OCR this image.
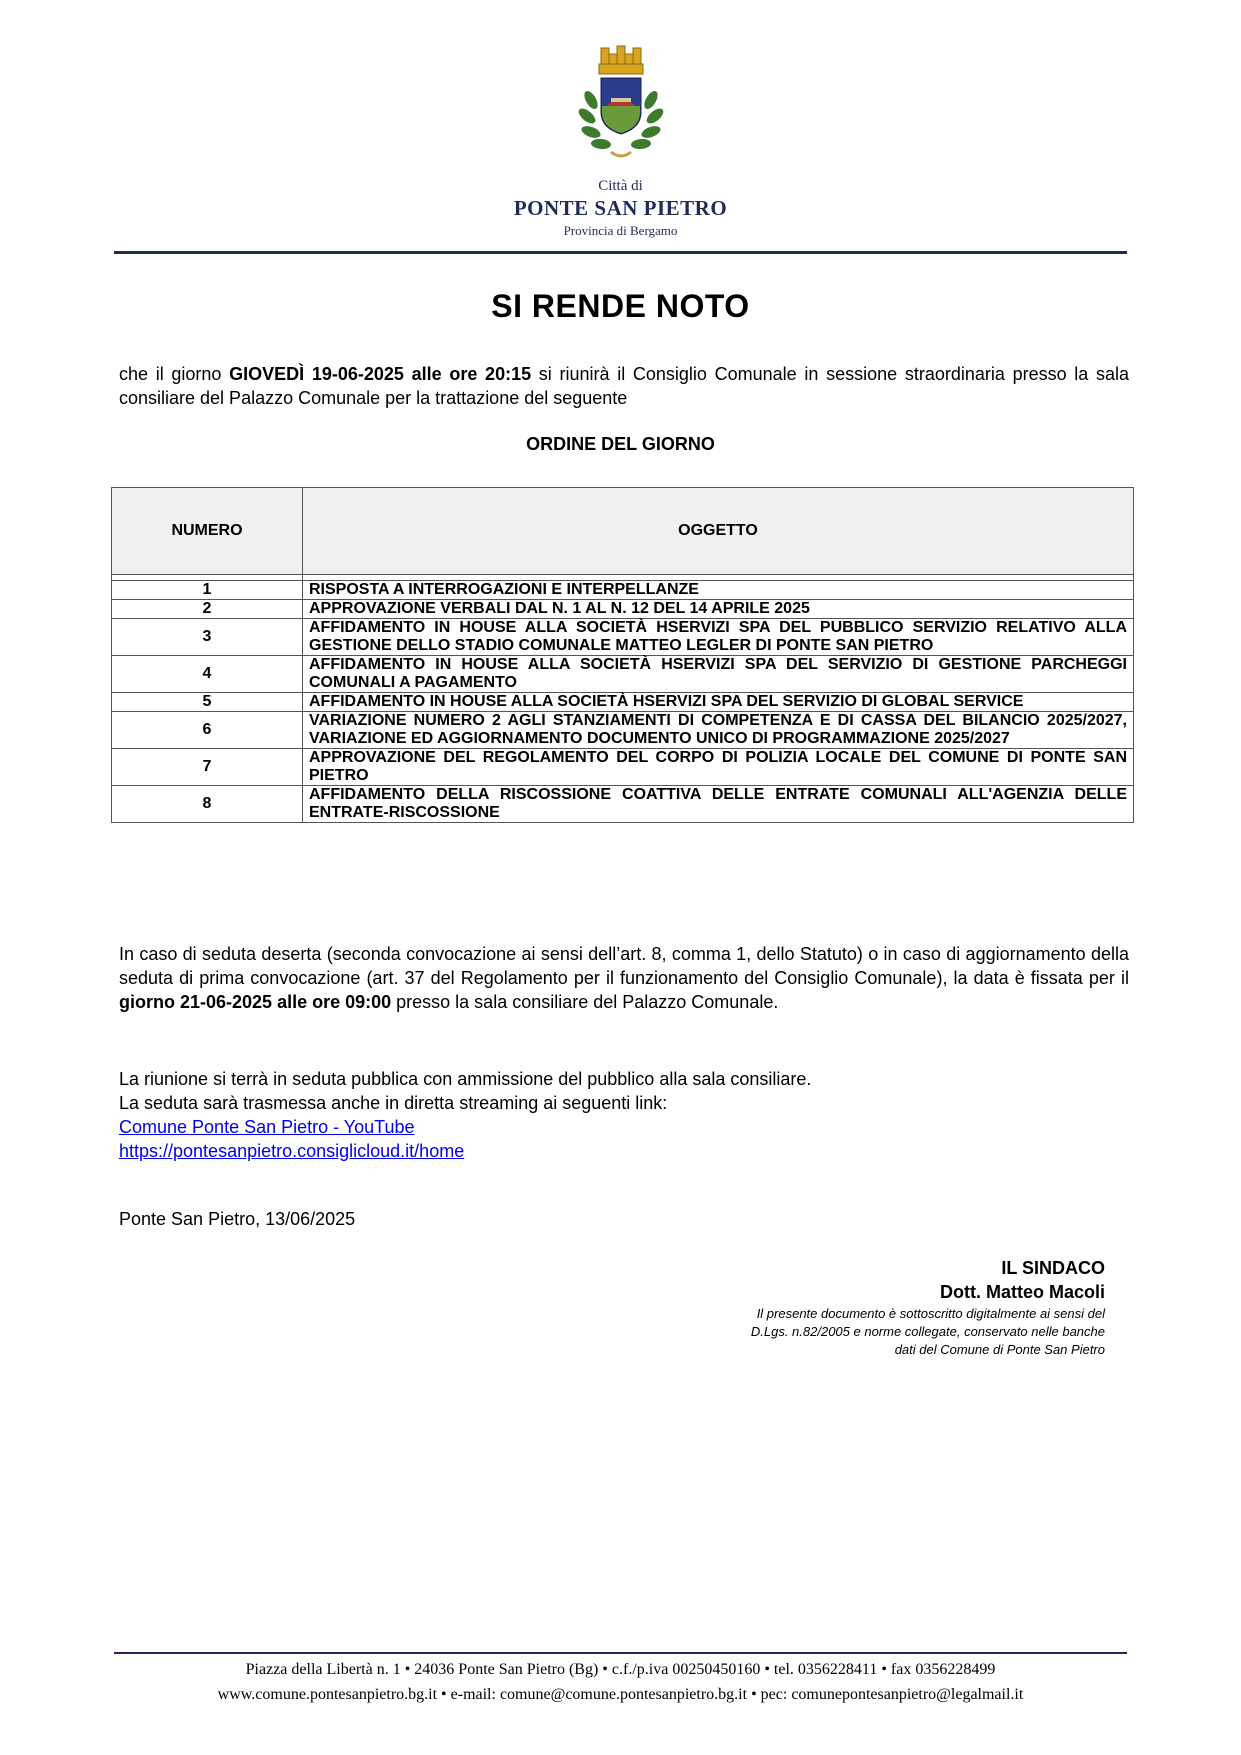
Città di
PONTE SAN PIETRO
Provincia di Bergamo
SI RENDE NOTO
che il giorno GIOVEDÌ 19-06-2025 alle ore 20:15 si riunirà il Consiglio Comunale in sessione straordinaria presso la sala consiliare del Palazzo Comunale per la trattazione del seguente
ORDINE DEL GIORNO
NUMERO	OGGETTO

1	RISPOSTA A INTERROGAZIONI E INTERPELLANZE
2	APPROVAZIONE VERBALI DAL N. 1 AL N. 12 DEL 14 APRILE 2025
3	AFFIDAMENTO IN HOUSE ALLA SOCIETÀ HSERVIZI SPA DEL PUBBLICO SERVIZIO RELATIVO ALLA GESTIONE DELLO STADIO COMUNALE MATTEO LEGLER DI PONTE SAN PIETRO
4	AFFIDAMENTO IN HOUSE ALLA SOCIETÀ HSERVIZI SPA DEL SERVIZIO DI GESTIONE PARCHEGGI COMUNALI A PAGAMENTO
5	AFFIDAMENTO IN HOUSE ALLA SOCIETÀ HSERVIZI SPA DEL SERVIZIO DI GLOBAL SERVICE
6	VARIAZIONE NUMERO 2 AGLI STANZIAMENTI DI COMPETENZA E DI CASSA DEL BILANCIO 2025/2027, VARIAZIONE ED AGGIORNAMENTO DOCUMENTO UNICO DI PROGRAMMAZIONE 2025/2027
7	APPROVAZIONE DEL REGOLAMENTO DEL CORPO DI POLIZIA LOCALE DEL COMUNE DI PONTE SAN PIETRO
8	AFFIDAMENTO DELLA RISCOSSIONE COATTIVA DELLE ENTRATE COMUNALI ALL'AGENZIA DELLE ENTRATE-RISCOSSIONE
In caso di seduta deserta (seconda convocazione ai sensi dell’art. 8, comma 1, dello Statuto) o in caso di aggiornamento della seduta di prima convocazione (art. 37 del Regolamento per il funzionamento del Consiglio Comunale), la data è fissata per il giorno 21-06-2025 alle ore 09:00 presso la sala consiliare del Palazzo Comunale.
La riunione si terrà in seduta pubblica con ammissione del pubblico alla sala consiliare.
La seduta sarà trasmessa anche in diretta streaming ai seguenti link:
Comune Ponte San Pietro - YouTube
https://pontesanpietro.consiglicloud.it/home
Ponte San Pietro, 13/06/2025
IL SINDACO
Dott. Matteo Macoli
Il presente documento è sottoscritto digitalmente ai sensi del
D.Lgs. n.82/2005 e norme collegate, conservato nelle banche
dati del Comune di Ponte San Pietro
Piazza della Libertà n. 1 • 24036 Ponte San Pietro (Bg) • c.f./p.iva 00250450160 • tel. 0356228411 • fax 0356228499
www.comune.pontesanpietro.bg.it • e-mail: comune@comune.pontesanpietro.bg.it • pec: comunepontesanpietro@legalmail.it
